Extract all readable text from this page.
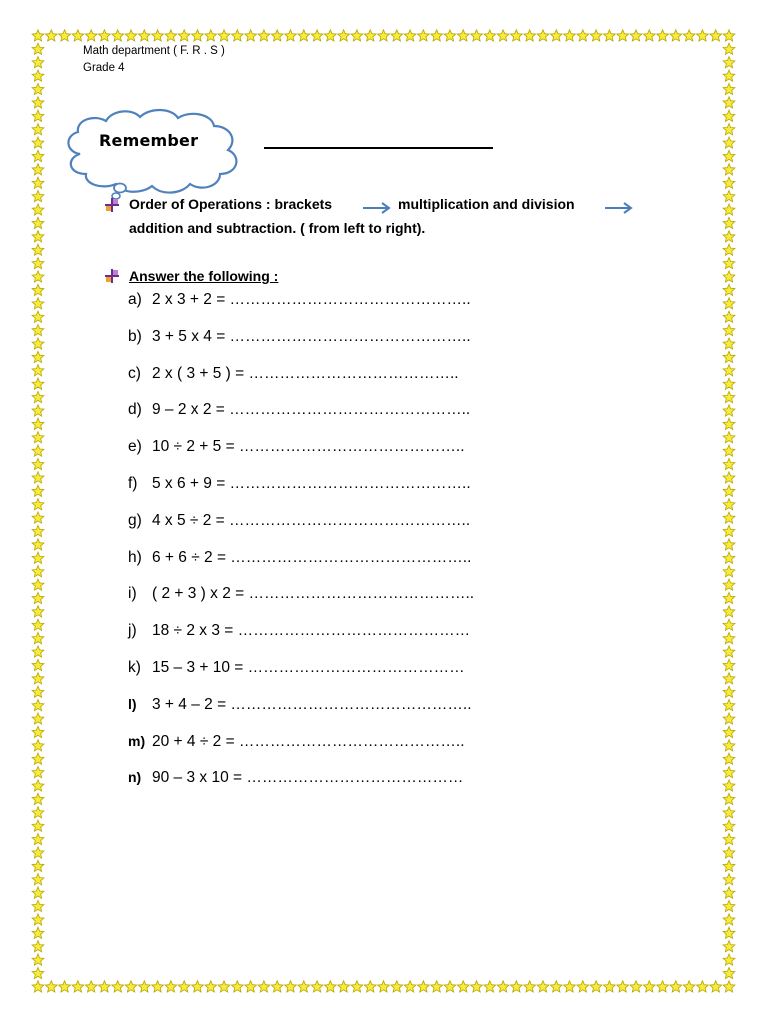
Math department ( F. R . S )
Grade 4
Remember
Order of Operations : brackets	multiplication and division
addition and subtraction. ( from left to right).
Answer the following :
a) 2 x 3 + 2 = ………………………………………..
b) 3 + 5 x 4 = ………………………………………..
c) 2 x ( 3 + 5 ) = …………………………………..
d) 9 – 2 x 2 = ………………………………………..
e) 10 ÷ 2 + 5 = ……………………………………..
f) 5 x 6 + 9 = ………………………………………..
g) 4 x 5 ÷ 2 = ………………………………………..
h) 6 + 6 ÷ 2 = ………………………………………..
i) ( 2 + 3 ) x 2 = ……………………………………..
j) 18 ÷ 2 x 3 = ………………………………………
k) 15 – 3 + 10 = ……………………………………
l) 3 + 4 – 2 = ………………………………………..
m) 20 + 4 ÷ 2 = ……………………………………..
n) 90 – 3 x 10 = ……………………………………
